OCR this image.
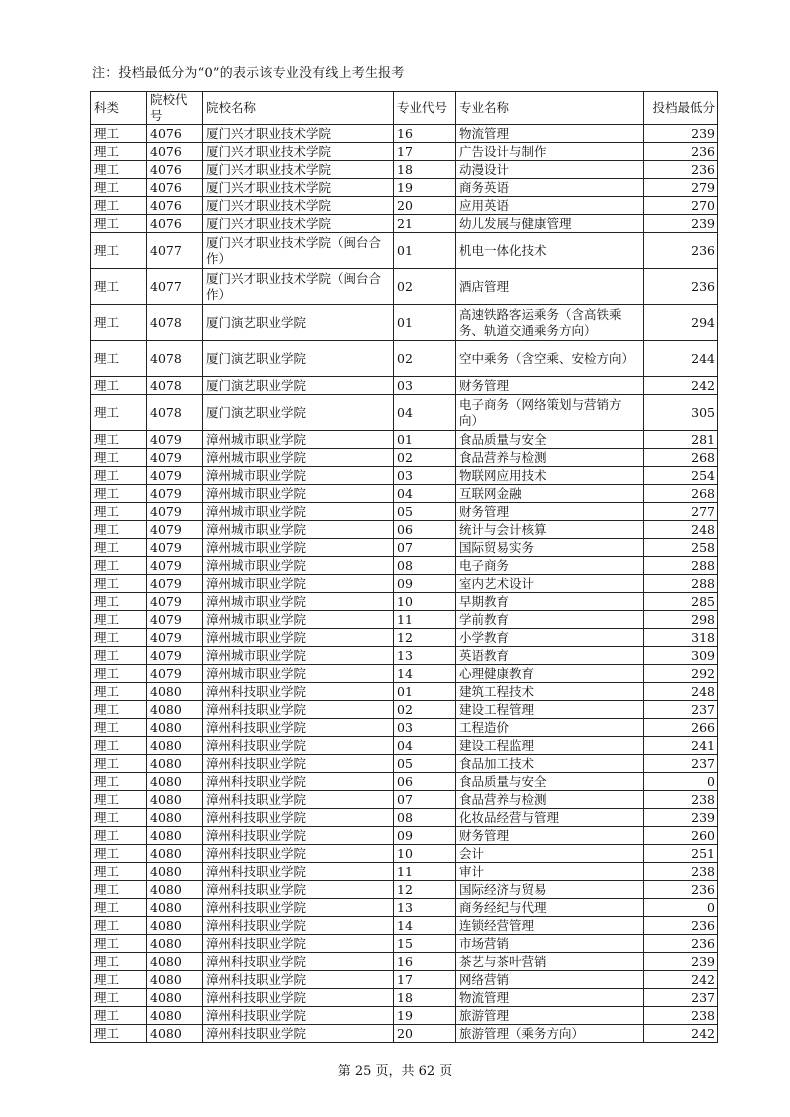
注：投档最低分为“0”的表示该专业没有线上考生报考
科类	院校代号	院校名称	专业代号	专业名称	投档最低分
理工	4076	厦门兴才职业技术学院	16	物流管理	239
理工	4076	厦门兴才职业技术学院	17	广告设计与制作	236
理工	4076	厦门兴才职业技术学院	18	动漫设计	236
理工	4076	厦门兴才职业技术学院	19	商务英语	279
理工	4076	厦门兴才职业技术学院	20	应用英语	270
理工	4076	厦门兴才职业技术学院	21	幼儿发展与健康管理	239
理工	4077	厦门兴才职业技术学院（闽台合作）	01	机电一体化技术	236
理工	4077	厦门兴才职业技术学院（闽台合作）	02	酒店管理	236
理工	4078	厦门演艺职业学院	01	高速铁路客运乘务（含高铁乘务、轨道交通乘务方向）	294
理工	4078	厦门演艺职业学院	02	空中乘务（含空乘、安检方向）	244
理工	4078	厦门演艺职业学院	03	财务管理	242
理工	4078	厦门演艺职业学院	04	电子商务（网络策划与营销方向）	305
理工	4079	漳州城市职业学院	01	食品质量与安全	281
理工	4079	漳州城市职业学院	02	食品营养与检测	268
理工	4079	漳州城市职业学院	03	物联网应用技术	254
理工	4079	漳州城市职业学院	04	互联网金融	268
理工	4079	漳州城市职业学院	05	财务管理	277
理工	4079	漳州城市职业学院	06	统计与会计核算	248
理工	4079	漳州城市职业学院	07	国际贸易实务	258
理工	4079	漳州城市职业学院	08	电子商务	288
理工	4079	漳州城市职业学院	09	室内艺术设计	288
理工	4079	漳州城市职业学院	10	早期教育	285
理工	4079	漳州城市职业学院	11	学前教育	298
理工	4079	漳州城市职业学院	12	小学教育	318
理工	4079	漳州城市职业学院	13	英语教育	309
理工	4079	漳州城市职业学院	14	心理健康教育	292
理工	4080	漳州科技职业学院	01	建筑工程技术	248
理工	4080	漳州科技职业学院	02	建设工程管理	237
理工	4080	漳州科技职业学院	03	工程造价	266
理工	4080	漳州科技职业学院	04	建设工程监理	241
理工	4080	漳州科技职业学院	05	食品加工技术	237
理工	4080	漳州科技职业学院	06	食品质量与安全	0
理工	4080	漳州科技职业学院	07	食品营养与检测	238
理工	4080	漳州科技职业学院	08	化妆品经营与管理	239
理工	4080	漳州科技职业学院	09	财务管理	260
理工	4080	漳州科技职业学院	10	会计	251
理工	4080	漳州科技职业学院	11	审计	238
理工	4080	漳州科技职业学院	12	国际经济与贸易	236
理工	4080	漳州科技职业学院	13	商务经纪与代理	0
理工	4080	漳州科技职业学院	14	连锁经营管理	236
理工	4080	漳州科技职业学院	15	市场营销	236
理工	4080	漳州科技职业学院	16	茶艺与茶叶营销	239
理工	4080	漳州科技职业学院	17	网络营销	242
理工	4080	漳州科技职业学院	18	物流管理	237
理工	4080	漳州科技职业学院	19	旅游管理	238
理工	4080	漳州科技职业学院	20	旅游管理（乘务方向）	242
第 25 页，共 62 页
